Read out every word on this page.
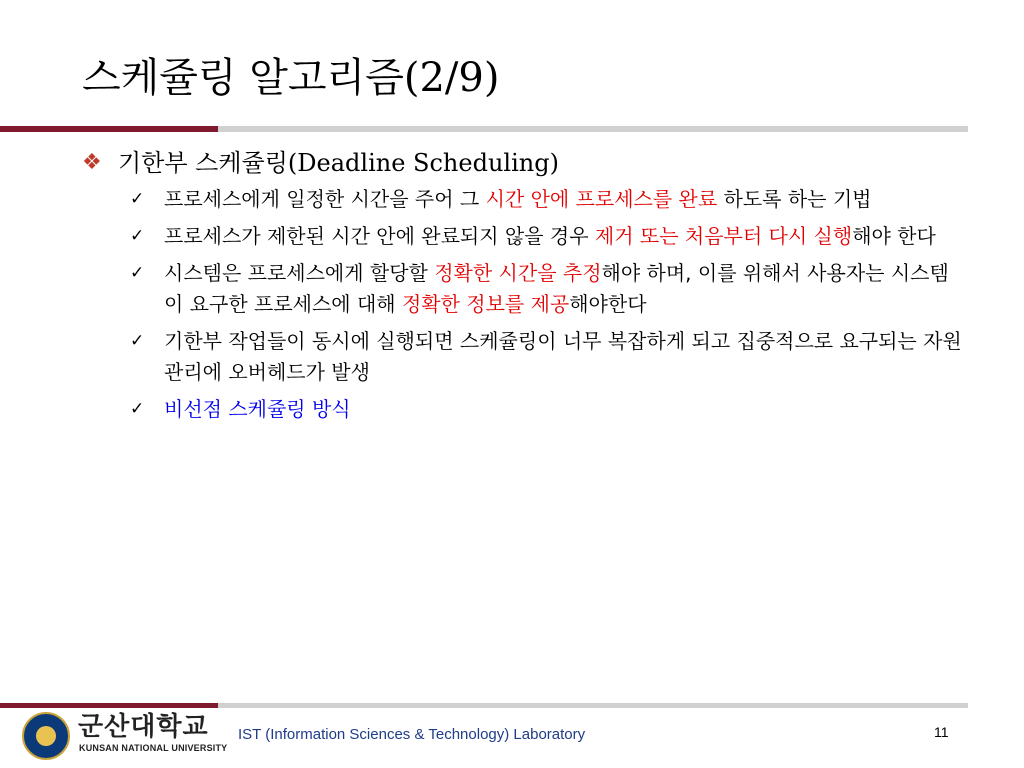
스케쥴링 알고리즘(2/9)
❖ 기한부 스케쥴링(Deadline Scheduling)
✓ 프로세스에게 일정한 시간을 주어 그 시간 안에 프로세스를 완료 하도록 하는 기법
✓ 프로세스가 제한된 시간 안에 완료되지 않을 경우 제거 또는 처음부터 다시 실행해야 한다
✓ 시스템은 프로세스에게 할당할 정확한 시간을 추정해야 하며, 이를 위해서 사용자는 시스템이 요구한 프로세스에 대해 정확한 정보를 제공해야한다
✓ 기한부 작업들이 동시에 실행되면 스케쥴링이 너무 복잡하게 되고 집중적으로 요구되는 자원 관리에 오버헤드가 발생
✓ 비선점 스케쥴링 방식
군산대학교
KUNSAN NATIONAL UNIVERSITY
IST (Information Sciences & Technology) Laboratory	11
